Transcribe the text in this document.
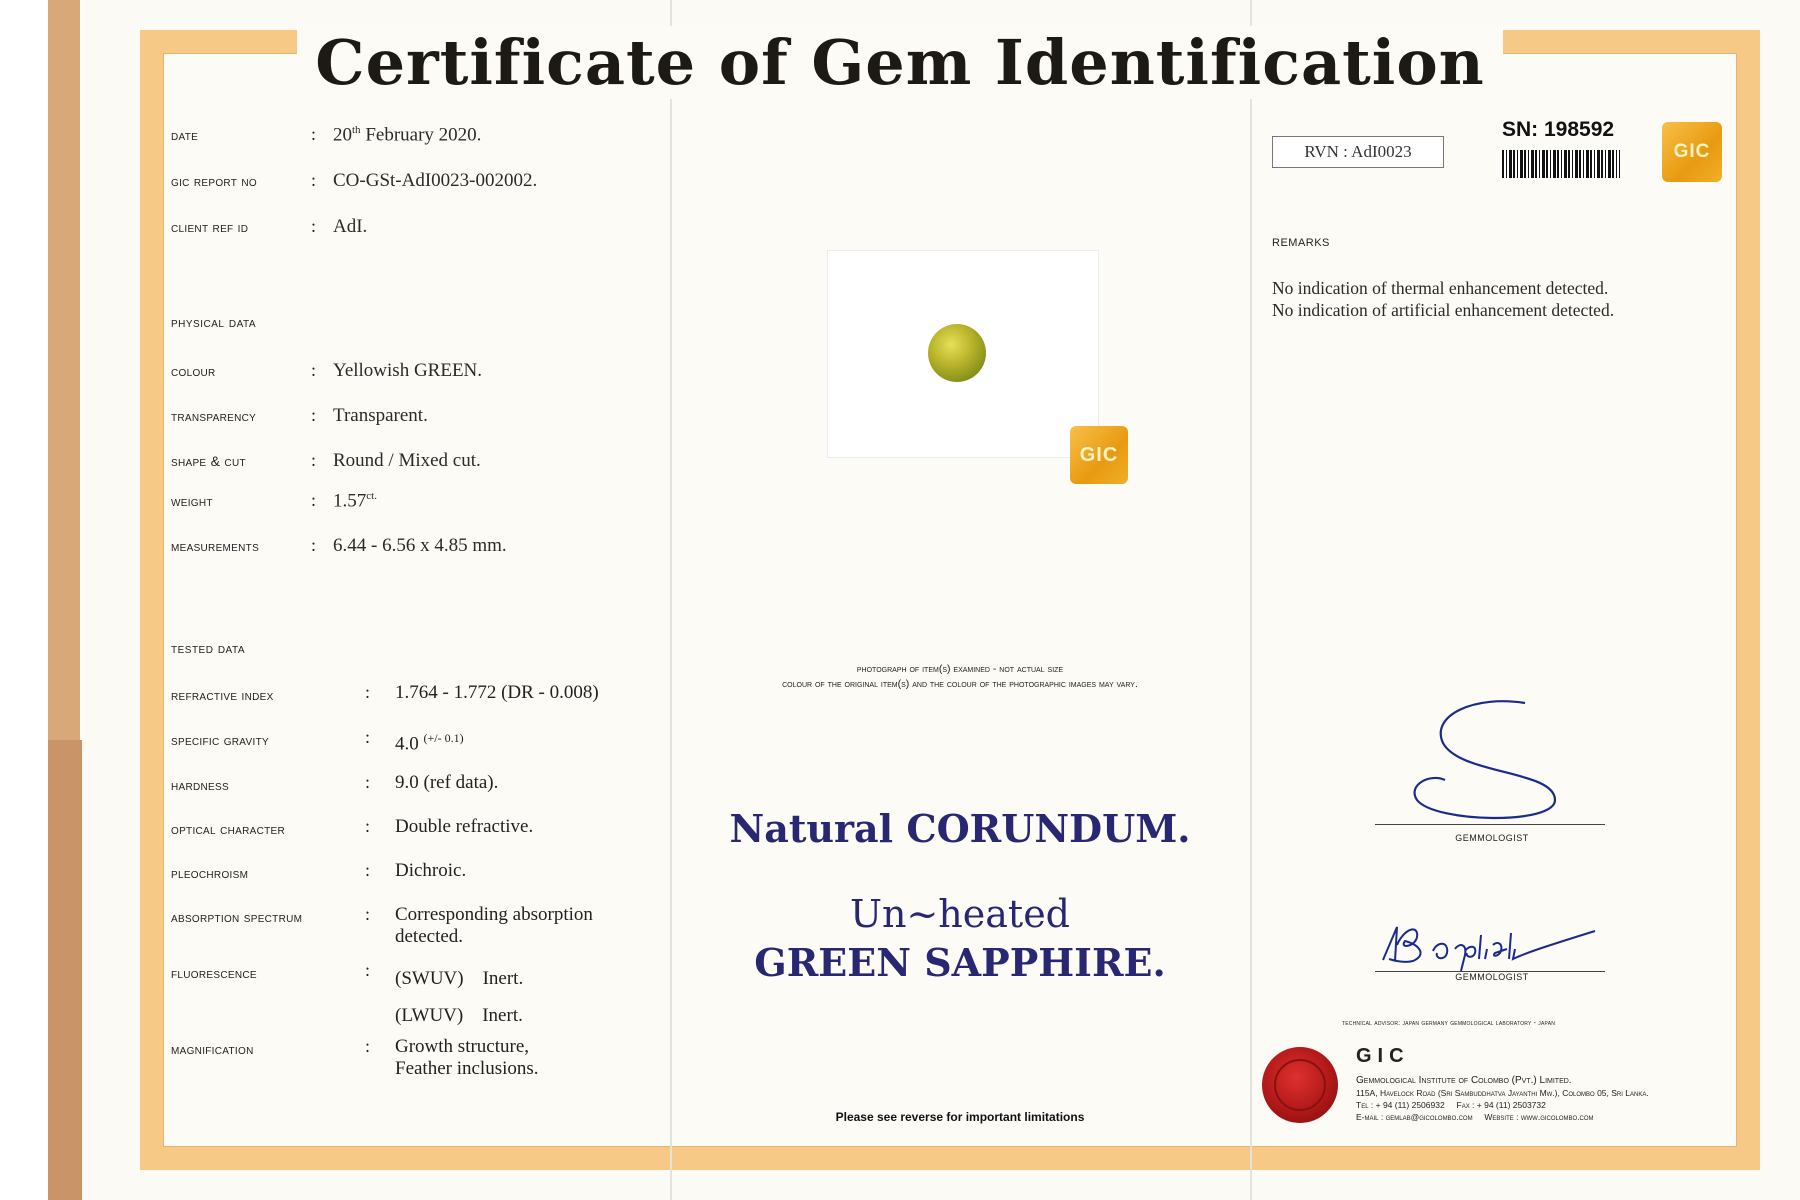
Certificate of Gem Identification
date	: 20th February 2020.
gic report no	: CO-GSt-AdI0023-002002.
client ref id	: AdI.
physical data
colour	: Yellowish GREEN.
transparency	: Transparent.
shape & cut	: Round / Mixed cut.
weight	: $1.57^{ct.}$
measurements	: 6.44 - 6.56 x 4.85 mm.
tested data
refractive index	:	1.764 - 1.772 (DR - 0.008)
specific gravity	:	4.0 $^{(+/- 0.1)}$
hardness	:	9.0 (ref data).
optical character	:	Double refractive.
pleochroism	:	Dichroic.
absorption spectrum	:	Corresponding absorption
detected.
fluorescence	:	(SWUV)    Inert.
(LWUV)    Inert.
magnification	:	Growth structure,
Feather inclusions.
GIC
photograph of item(s) examined - not actual size
colour of the original item(s) and the colour of the photographic images may vary.
Natural CORUNDUM.
Un~heated
GREEN SAPPHIRE.
Please see reverse for important limitations
RVN : AdI0023
SN: 198592
GIC
remarks
No indication of thermal enhancement detected.
No indication of artificial enhancement detected.
gemmologist
gemmologist
technical advisor: japan germany gemmological laboratory - japan
GIC
Gemmological Institute of Colombo (Pvt.) Limited.
115A, Havelock Road (Sri Sambuddhatva Jayanthi Mw.), Colombo 05, Sri Lanka.
Tel : + 94 (11) 2506932     Fax : + 94 (11) 2503732
E-mail : gemlab@gicolombo.com     Website : www.gicolombo.com
